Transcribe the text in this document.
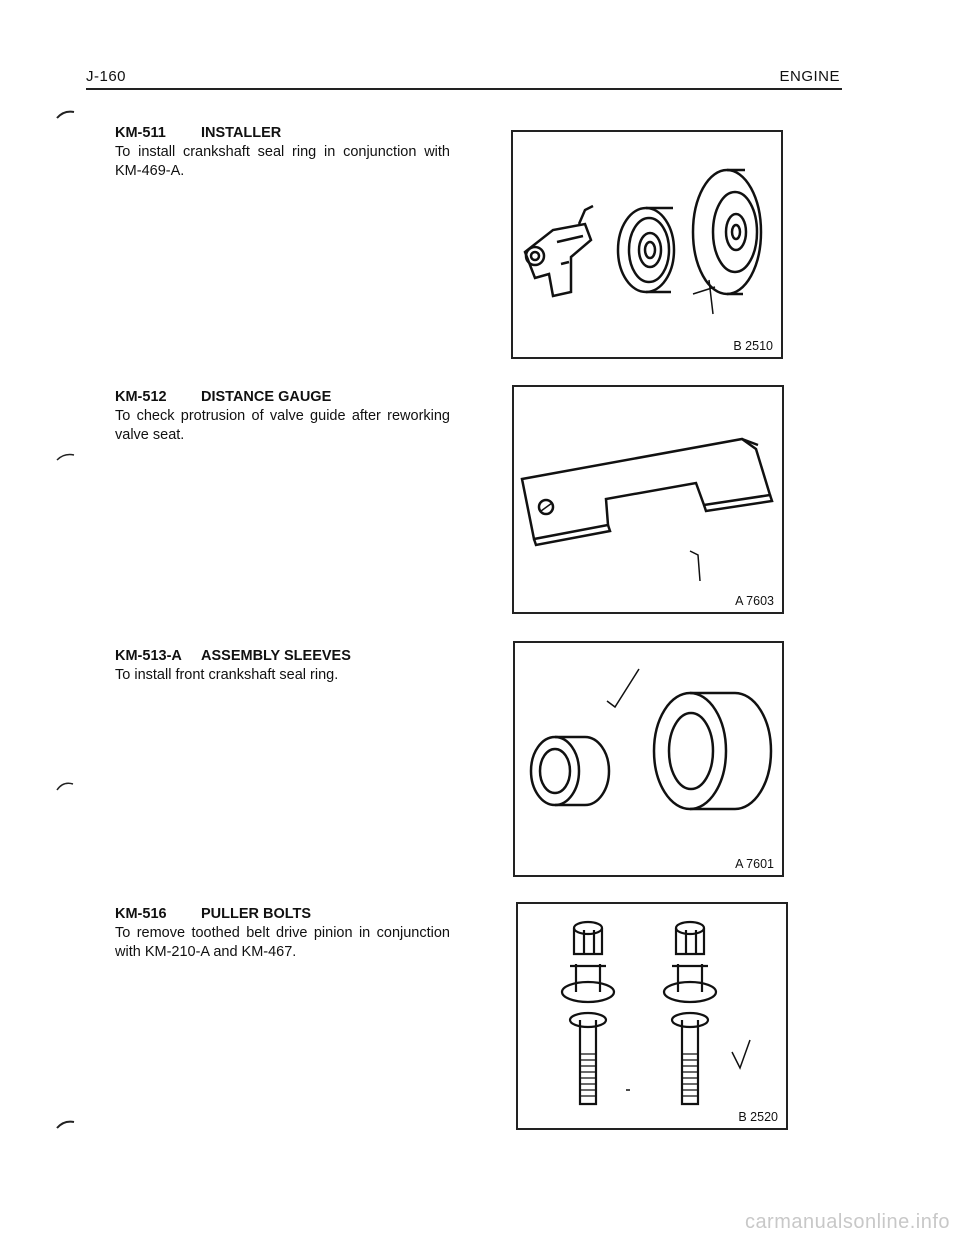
J-160	ENGINE
KM-511 INSTALLER

To install crankshaft seal ring in conjunction with KM-469-A.

B 2510
KM-512 DISTANCE GAUGE

To check protrusion of valve guide after reworking valve seat.

A 7603
KM-513-A ASSEMBLY SLEEVES

To install front crankshaft seal ring.

A 7601
KM-516 PULLER BOLTS

To remove toothed belt drive pinion in conjunction with KM-210-A and KM-467.

B 2520
carmanualsonline.info
